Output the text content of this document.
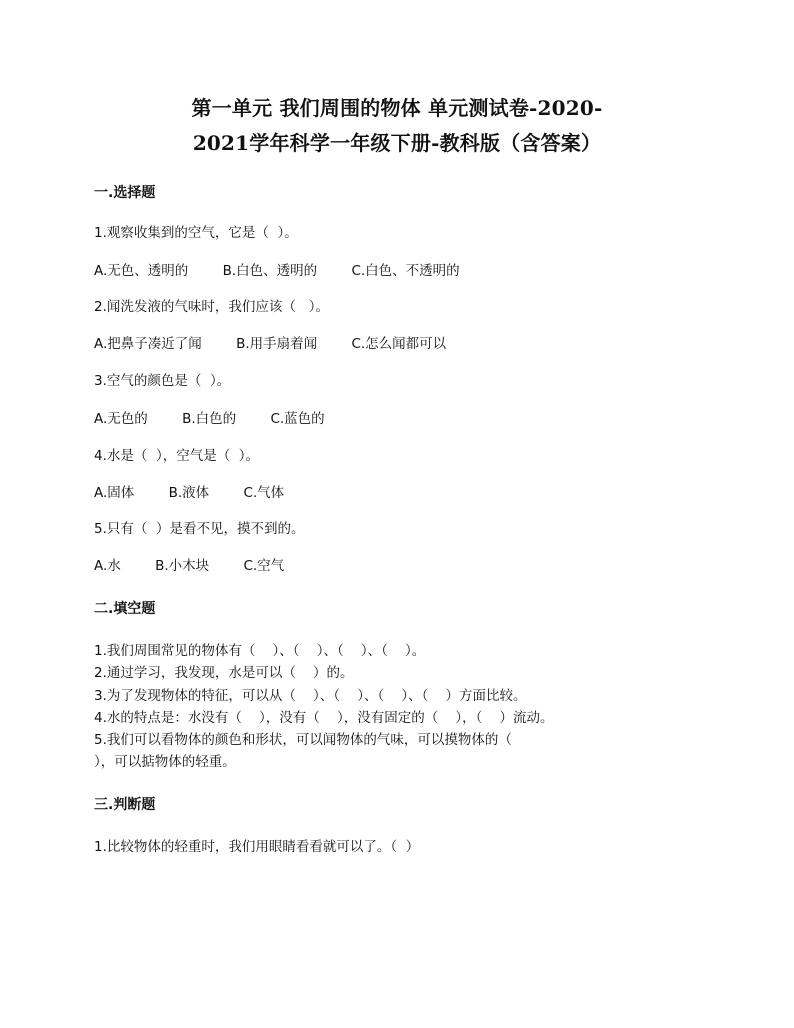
第一单元 我们周围的物体 单元测试卷-2020-
2021学年科学一年级下册-教科版（含答案）
一.选择题
1.观察收集到的空气，它是（  ）。
A.无色、透明的	B.白色、透明的	C.白色、不透明的
2.闻洗发液的气味时，我们应该（   ）。
A.把鼻子凑近了闻	B.用手扇着闻	C.怎么闻都可以
3.空气的颜色是（  ）。
A.无色的	B.白色的	C.蓝色的
4.水是（  ），空气是（  ）。
A.固体	B.液体	C.气体
5.只有（  ）是看不见，摸不到的。
A.水	B.小木块	C.空气
二.填空题
1.我们周围常见的物体有（    ）、（    ）、（    ）、（    ）。
2.通过学习，我发现，水是可以（    ）的。
3.为了发现物体的特征，可以从（    ）、（    ）、（    ）、（    ）方面比较。
4.水的特点是：水没有（    ），没有（    ），没有固定的（    ），（    ）流动。
5.我们可以看物体的颜色和形状，可以闻物体的气味，可以摸物体的（
），可以掂物体的轻重。
三.判断题
1.比较物体的轻重时，我们用眼睛看看就可以了。（  ）
